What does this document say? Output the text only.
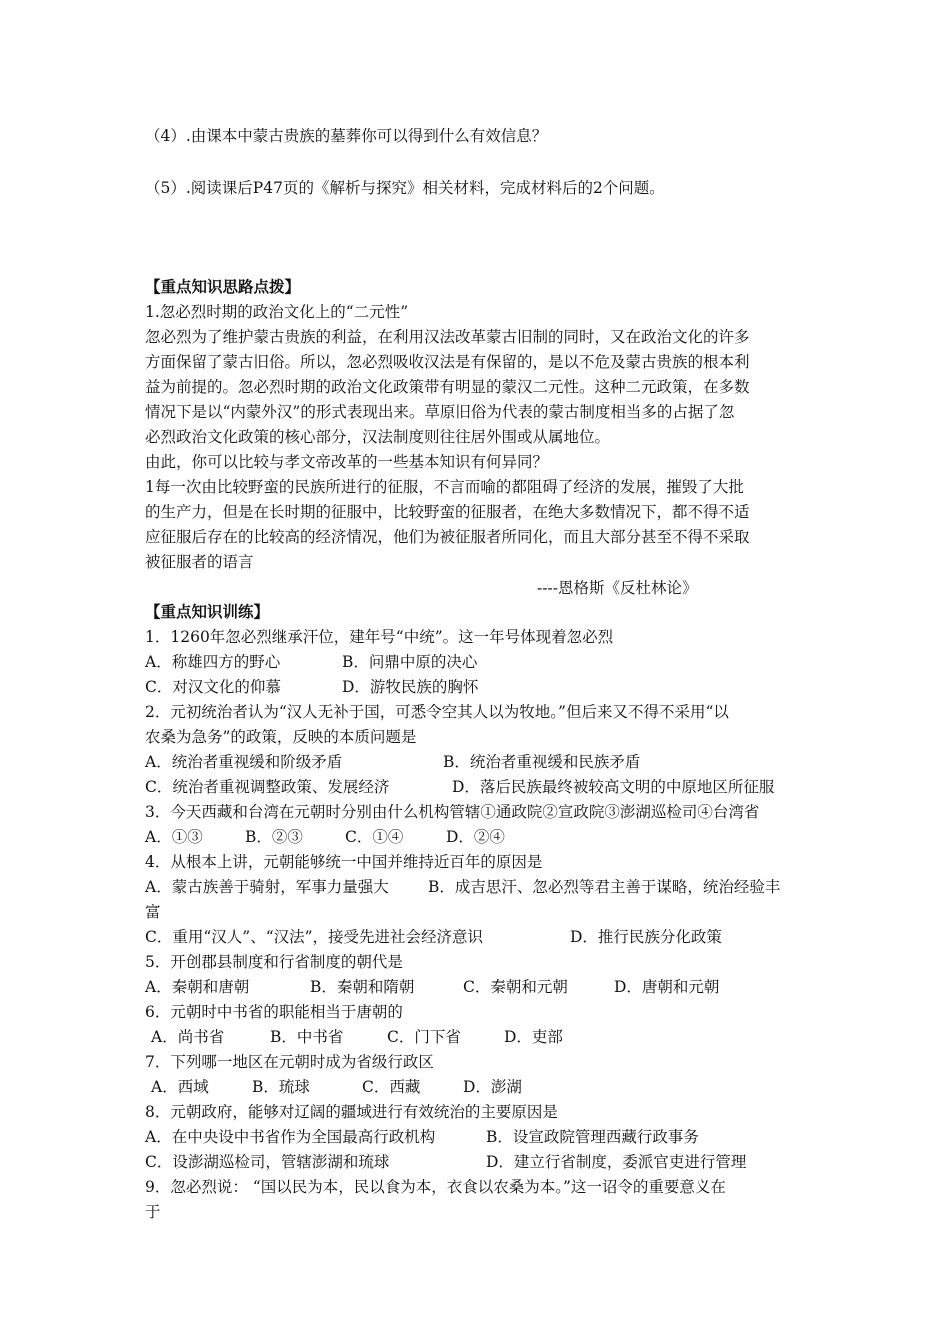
（4）.由课本中蒙古贵族的墓葬你可以得到什么有效信息？
（5）.阅读课后P47页的《解析与探究》相关材料，完成材料后的2个问题。
【重点知识思路点拨】
1.忽必烈时期的政治文化上的“二元性”
忽必烈为了维护蒙古贵族的利益，在利用汉法改革蒙古旧制的同时，又在政治文化的许多
方面保留了蒙古旧俗。所以，忽必烈吸收汉法是有保留的，是以不危及蒙古贵族的根本利
益为前提的。忽必烈时期的政治文化政策带有明显的蒙汉二元性。这种二元政策，在多数
情况下是以“内蒙外汉”的形式表现出来。草原旧俗为代表的蒙古制度相当多的占据了忽
必烈政治文化政策的核心部分，汉法制度则往往居外围或从属地位。
由此，你可以比较与孝文帝改革的一些基本知识有何异同？
1每一次由比较野蛮的民族所进行的征服，不言而喻的都阻碍了经济的发展，摧毁了大批
的生产力，但是在长时期的征服中，比较野蛮的征服者，在绝大多数情况下，都不得不适
应征服后存在的比较高的经济情况，他们为被征服者所同化，而且大部分甚至不得不采取
被征服者的语言
----恩格斯《反杜林论》
【重点知识训练】
1．1260年忽必烈继承汗位，建年号“中统”。这一年号体现着忽必烈
A．称雄四方的野心	B．问鼎中原的决心
C．对汉文化的仰慕	D．游牧民族的胸怀
2．元初统治者认为“汉人无补于国，可悉令空其人以为牧地。”但后来又不得不采用“以
农桑为急务”的政策，反映的本质问题是
A．统治者重视缓和阶级矛盾	B．统治者重视缓和民族矛盾
C．统治者重视调整政策、发展经济	D．落后民族最终被较高文明的中原地区所征服
3．今天西藏和台湾在元朝时分别由什么机构管辖①通政院②宣政院③澎湖巡检司④台湾省
A．①③	B．②③	C．①④	D．②④
4．从根本上讲，元朝能够统一中国并维持近百年的原因是
A．蒙古族善于骑射，军事力量强大	B．成吉思汗、忽必烈等君主善于谋略，统治经验丰
富
C．重用“汉人”、“汉法”，接受先进社会经济意识	D．推行民族分化政策
5．开创郡县制度和行省制度的朝代是
A．秦朝和唐朝	B．秦朝和隋朝	C．秦朝和元朝	D．唐朝和元朝
6．元朝时中书省的职能相当于唐朝的
A．尚书省	B．中书省	C．门下省	D．吏部
7．下列哪一地区在元朝时成为省级行政区
A．西域	B．琉球	C．西藏	D．澎湖
8．元朝政府，能够对辽阔的疆域进行有效统治的主要原因是
A．在中央设中书省作为全国最高行政机构	B．设宣政院管理西藏行政事务
C．设澎湖巡检司，管辖澎湖和琉球	D．建立行省制度，委派官吏进行管理
9．忽必烈说： “国以民为本，民以食为本，衣食以农桑为本。”这一诏令的重要意义在
于
